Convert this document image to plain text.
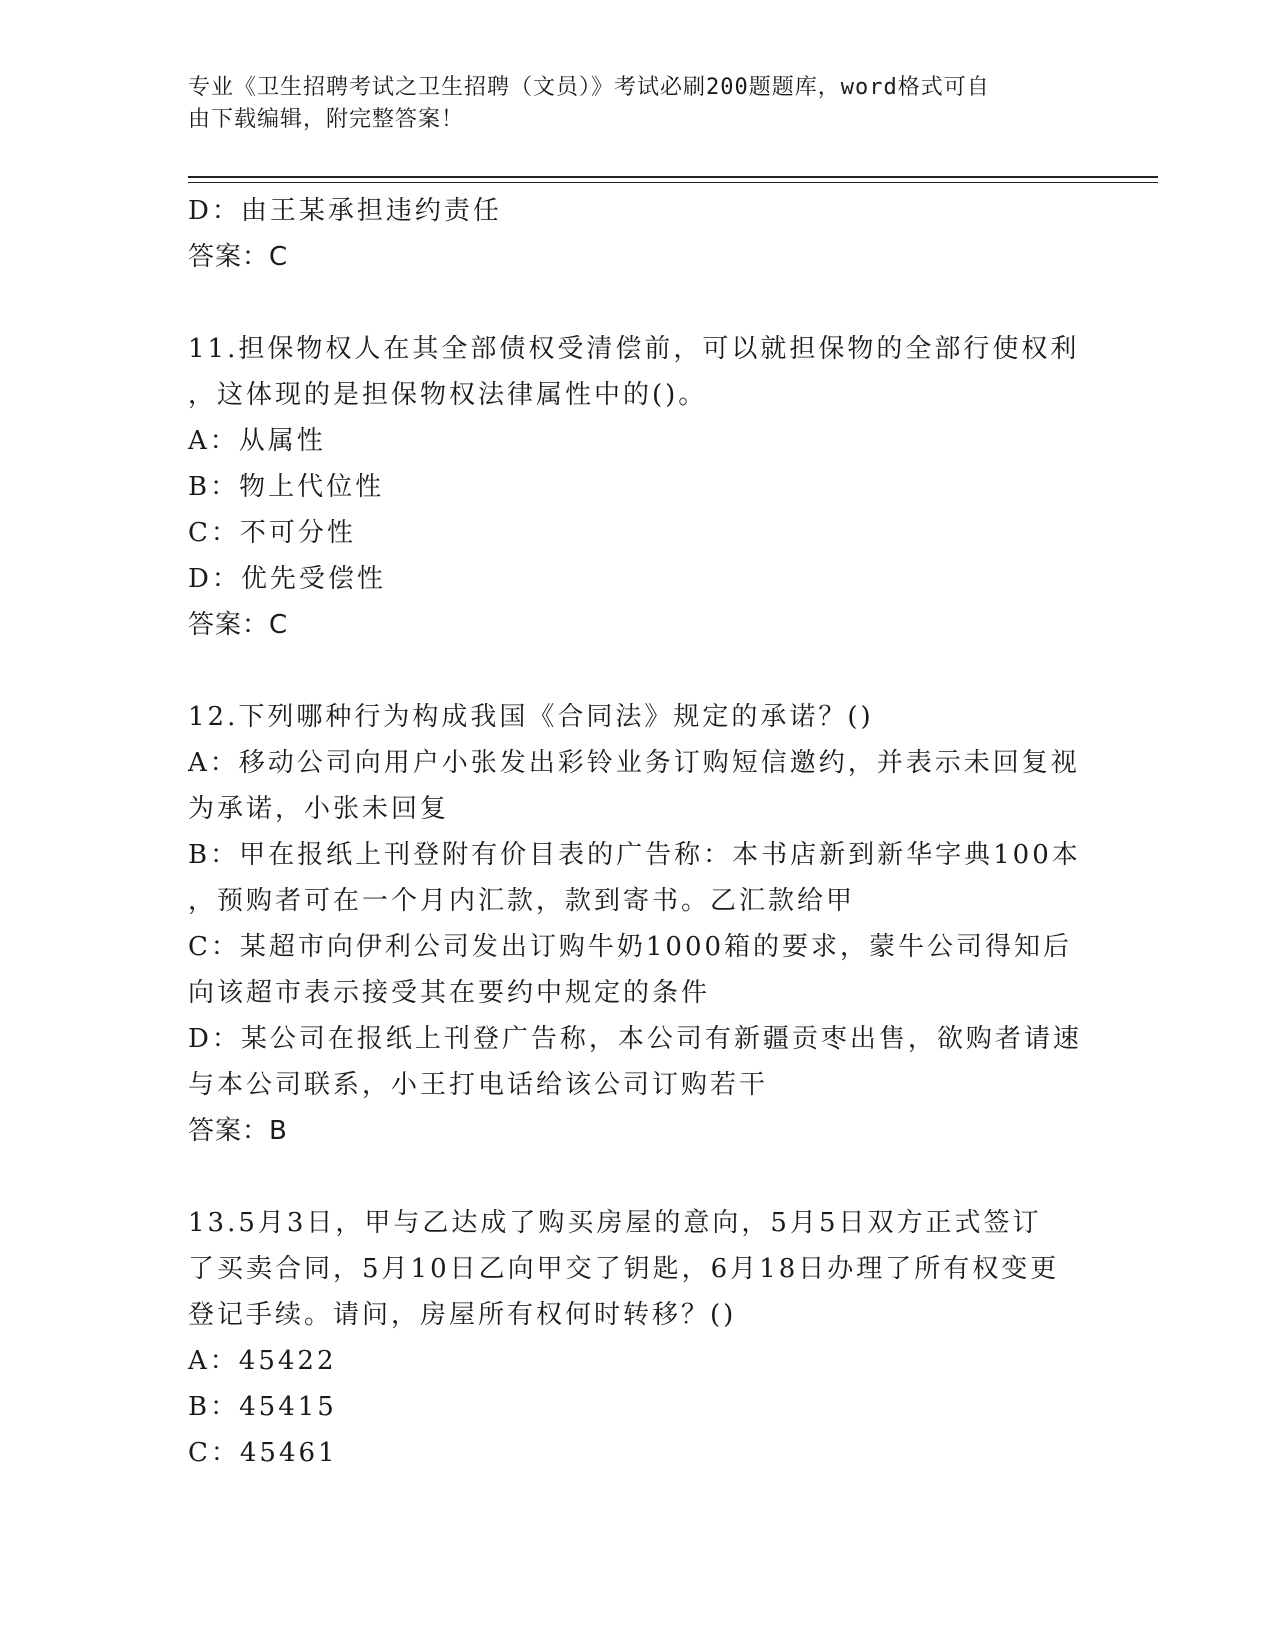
专业《卫生招聘考试之卫生招聘（文员）》考试必刷200题题库，word格式可自
由下载编辑，附完整答案！
D：由王某承担违约责任
答案：C
11.担保物权人在其全部债权受清偿前，可以就担保物的全部行使权利
，这体现的是担保物权法律属性中的()。
A：从属性
B：物上代位性
C：不可分性
D：优先受偿性
答案：C
12.下列哪种行为构成我国《合同法》规定的承诺？()
A：移动公司向用户小张发出彩铃业务订购短信邀约，并表示未回复视
为承诺，小张未回复
B：甲在报纸上刊登附有价目表的广告称：本书店新到新华字典100本
，预购者可在一个月内汇款，款到寄书。乙汇款给甲
C：某超市向伊利公司发出订购牛奶1000箱的要求，蒙牛公司得知后
向该超市表示接受其在要约中规定的条件
D：某公司在报纸上刊登广告称，本公司有新疆贡枣出售，欲购者请速
与本公司联系，小王打电话给该公司订购若干
答案：B
13.5月3日，甲与乙达成了购买房屋的意向，5月5日双方正式签订
了买卖合同，5月10日乙向甲交了钥匙，6月18日办理了所有权变更
登记手续。请问，房屋所有权何时转移？()
A：45422
B：45415
C：45461
